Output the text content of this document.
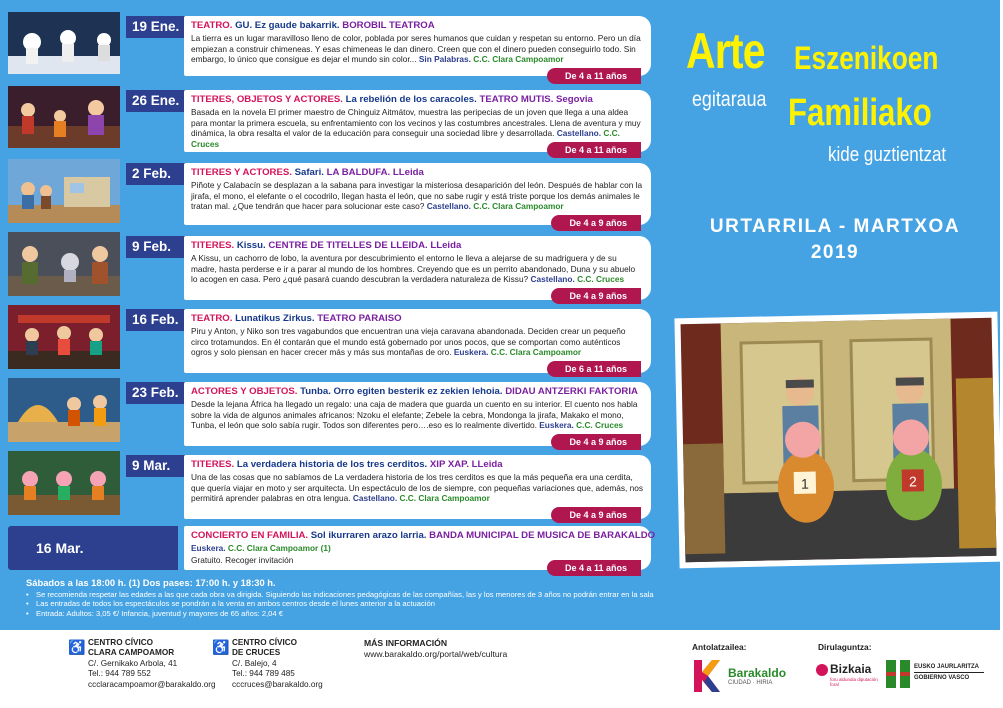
19 Ene.	TEATRO. GU. Ez gaude bakarrik. BOROBIL TEATROA
La tierra es un lugar maravilloso lleno de color, poblada por seres humanos que cuidan y respetan su entorno. Pero un día empiezan a construir chimeneas. Y esas chimeneas le dan dinero. Creen que con el dinero pueden conseguirlo todo. Sin embargo, lo único que consigue es dejar el mundo sin color... Sin Palabras. C.C. Clara Campoamor
De 4 a 11 años
26 Ene.	TITERES, OBJETOS Y ACTORES. La rebelión de los caracoles. TEATRO MUTIS. Segovia
Basada en la novela El primer maestro de Chinguiz Aitmátov, muestra las peripecias de un joven que llega a una aldea para montar la primera escuela, su enfrentamiento con los vecinos y las costumbres ancestrales. Llena de aventura y muy dinámica, la obra resalta el valor de la educación para conseguir una sociedad libre y desarrollada. Castellano. C.C. Cruces
De 4 a 11 años
2 Feb.	TITERES Y ACTORES. Safari. LA BALDUFA. LLeida
Piñote y Calabacín se desplazan a la sabana para investigar la misteriosa desaparición del león. Después de hablar con la jirafa, el mono, el elefante o el cocodrilo, llegan hasta el león, que no sabe rugir y está triste porque los demás animales le tratan mal. ¿Que tendrán que hacer para solucionar este caso? Castellano. C.C. Clara Campoamor
De 4 a 9 años
9 Feb.	TITERES. Kissu. CENTRE DE TITELLES DE LLEIDA. LLeida
A Kissu, un cachorro de lobo, la aventura por descubrimiento el entorno le lleva a alejarse de su madriguera y de su madre, hasta perderse e ir a parar al mundo de los hombres. Creyendo que es un perrito abandonado, Duna y su abuelo lo acogen en casa. Pero ¿qué pasará cuando descubran la verdadera naturaleza de Kissu? Castellano. C.C. Cruces
De 4 a 9 años
16 Feb.	TEATRO. Lunatikus Zirkus. TEATRO PARAISO
Piru y Anton, y Niko son tres vagabundos que encuentran una vieja caravana abandonada. Deciden crear un pequeño circo trotamundos. En él contarán que el mundo está gobernado por unos pocos, que se comportan como auténticos ogros y solo piensan en hacer crecer más y más sus montañas de oro. Euskera. C.C. Clara Campoamor
De 6 a 11 años
23 Feb.	ACTORES Y OBJETOS. Tunba. Orro egiten besterik ez zekien lehoia. DIDAU ANTZERKI FAKTORIA
Desde la lejana África ha llegado un regalo: una caja de madera que guarda un cuento en su interior. El cuento nos habla sobre la vida de algunos animales africanos: Nzoku el elefante; Zebele la cebra, Mondonga la jirafa, Makako el mono, Tunba, el león que solo sabía rugir. Todos son diferentes pero….eso es lo realmente divertido. Euskera. C.C. Cruces
De 4 a 9 años
9 Mar.	TITERES. La verdadera historia de los tres cerditos. XIP XAP. LLeida
Una de las cosas que no sabíamos de La verdadera historia de los tres cerditos es que la más pequeña era una cerdita, que quería viajar en moto y ser arquitecta. Un espectáculo de los de siempre, con pequeñas variaciones que, además, nos permitirá aprender palabras en otra lengua. Castellano. C.C. Clara Campoamor
De 4 a 9 años
16 Mar.
CONCIERTO EN FAMILIA. Sol ikurraren arazo larria. BANDA MUNICIPAL DE MUSICA DE BARAKALDO
Euskera. C.C. Clara Campoamor (1)
Gratuito. Recoger invitación
De 4 a 11 años
Sábados a las 18:00 h. (1) Dos pases: 17:00 h. y 18:30 h.
• Se recomienda respetar las edades a las que cada obra va dirigida. Siguiendo las indicaciones pedagógicas de las compañías, las y los menores de 3 años no podrán entrar en la sala
• Las entradas de todos los espectáculos se pondrán a la venta en ambos centros desde el lunes anterior a la actuación
• Entrada: Adultos: 3,05 €/ Infancia, juventud y mayores de 65 años: 2,04 €
Arte Eszenikoen
egitaraua Familiako
kide guztientzat
URTARRILA - MARTXOA
2019
1	2
♿ CENTRO CÍVICO
CLARA CAMPOAMOR
C/. Gernikako Arbola, 41
Tel.: 944 789 552
ccclaracampoamor@barakaldo.org
♿ CENTRO CÍVICO
DE CRUCES
C/. Balejo, 4
Tel.: 944 789 485
cccruces@barakaldo.org
MÁS INFORMACIÓN
www.barakaldo.org/portal/web/cultura
Antolatzailea:
Barakaldo
CIUDAD · HIRIA
Dirulaguntza:
Bizkaia
foru aldundia diputación foral
EUSKO JAURLARITZA
GOBIERNO VASCO
